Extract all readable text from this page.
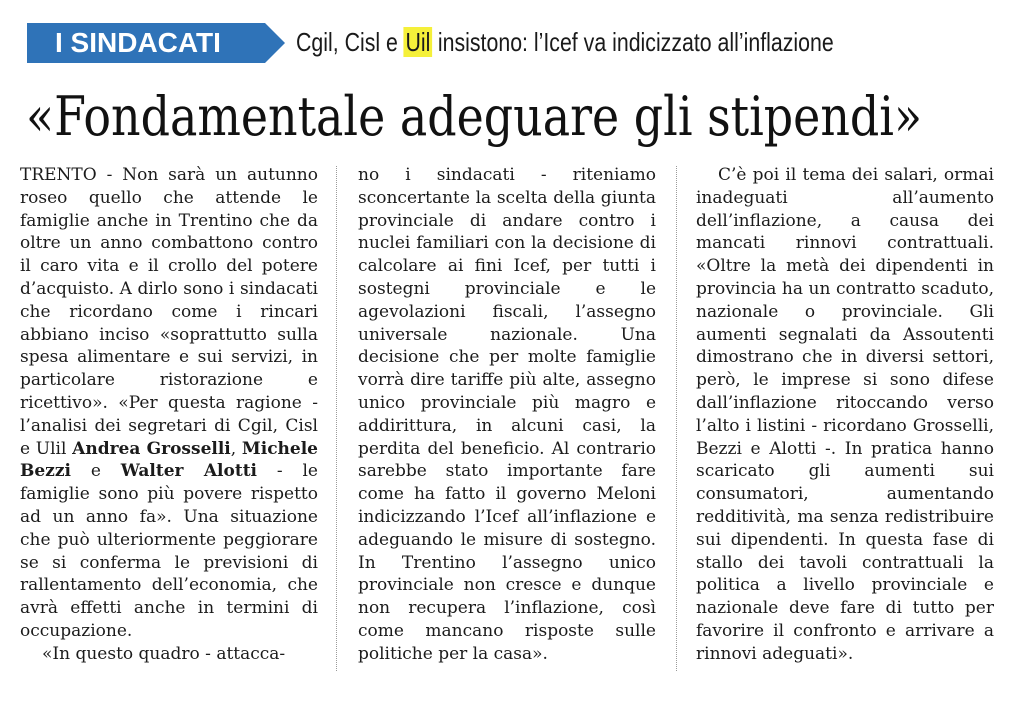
I SINDACATI	Cgil, Cisl e Uil insistono: l’Icef va indicizzato all’inflazione
«Fondamentale adeguare gli stipendi»

TRENTO - Non sarà un autunno roseo quello che attende le famiglie anche in Trentino che da oltre un anno combattono contro il caro vita e il crollo del potere d’acquisto. A dirlo sono i sindacati che ricordano come i rincari abbiano inciso «soprattutto sulla spesa alimentare e sui servizi, in particolare ristorazione e ricettivo». «Per questa ragione - l’analisi dei segretari di Cgil, Cisl e Ulil Andrea Grosselli, Michele Bezzi e Walter Alotti - le famiglie sono più povere rispetto ad un anno fa». Una situazione che può ulteriormente peggiorare se si conferma le previsioni di rallentamento dell’economia, che avrà effetti anche in termini di occupazione.

«In questo quadro - attacca-

no i sindacati - riteniamo sconcertante la scelta della giunta provinciale di andare contro i nuclei familiari con la decisione di calcolare ai fini Icef, per tutti i sostegni provinciale e le agevolazioni fiscali, l’assegno universale nazionale. Una decisione che per molte famiglie vorrà dire tariffe più alte, assegno unico provinciale più magro e addirittura, in alcuni casi, la perdita del beneficio. Al contrario sarebbe stato importante fare come ha fatto il governo Meloni indicizzando l’Icef all’inflazione e adeguando le misure di sostegno. In Trentino l’assegno unico provinciale non cresce e dunque non recupera l’inflazione, così come mancano risposte sulle politiche per la casa».

C’è poi il tema dei salari, ormai inadeguati all’aumento dell’inflazione, a causa dei mancati rinnovi contrattuali. «Oltre la metà dei dipendenti in provincia ha un contratto scaduto, nazionale o provinciale. Gli aumenti segnalati da Assoutenti dimostrano che in diversi settori, però, le imprese si sono difese dall’inflazione ritoccando verso l’alto i listini - ricordano Grosselli, Bezzi e Alotti -. In pratica hanno scaricato gli aumenti sui consumatori, aumentando redditività, ma senza redistribuire sui dipendenti. In questa fase di stallo dei tavoli contrattuali la politica a livello provinciale e nazionale deve fare di tutto per favorire il confronto e arrivare a rinnovi adeguati».
